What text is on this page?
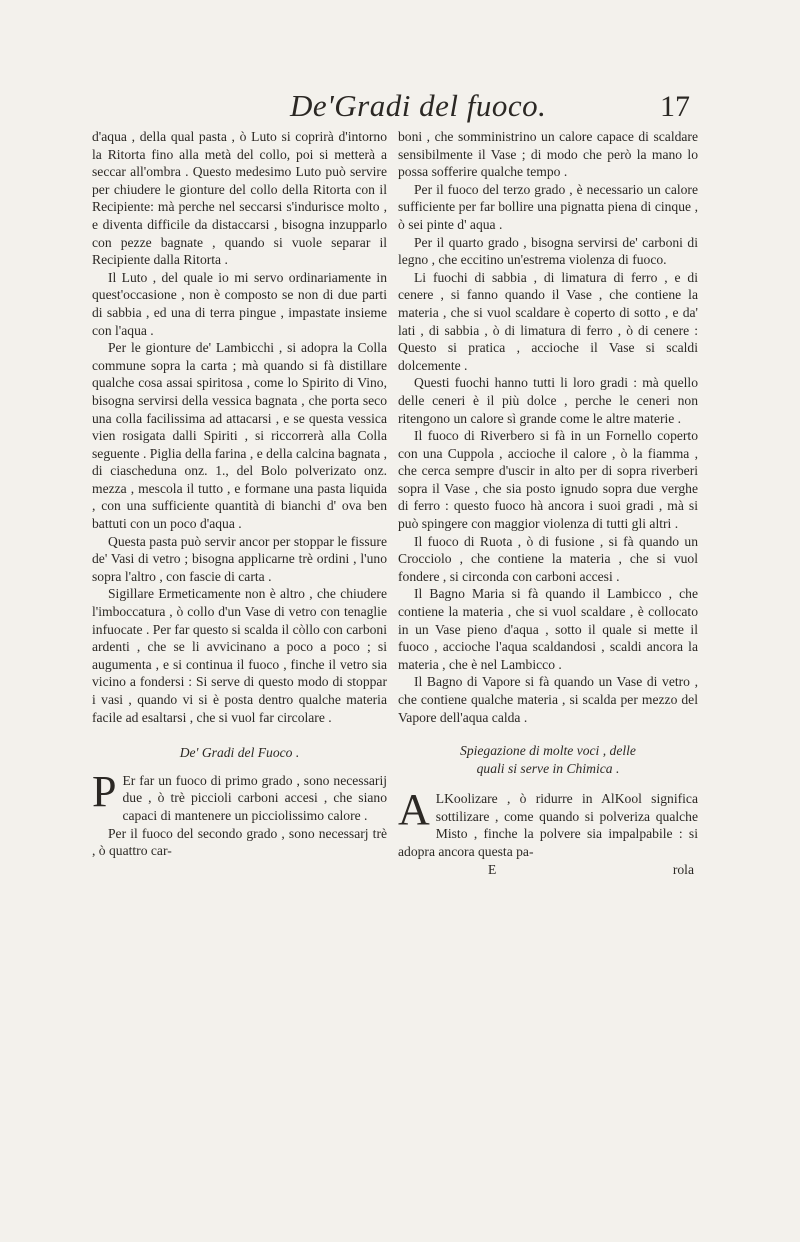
De'Gradi del fuoco.	17

d'aqua , della qual pasta , ò Luto si coprirà d'intorno la Ritorta fino alla metà del collo, poi si metterà a seccar all'ombra . Questo medesimo Luto può servire per chiudere le gionture del collo della Ritorta con il Recipiente: mà perche nel seccarsi s'indurisce molto , e diventa difficile da distaccarsi , bisogna inzupparlo con pezze bagnate , quando si vuole separar il Recipiente dalla Ritorta .

Il Luto , del quale io mi servo ordinariamente in quest'occasione , non è composto se non di due parti di sabbia , ed una di terra pingue , impastate insieme con l'aqua .

Per le gionture de' Lambicchi , si adopra la Colla commune sopra la carta ; mà quando si fà distillare qualche cosa assai spiritosa , come lo Spirito di Vino, bisogna servirsi della vessica bagnata , che porta seco una colla facilissima ad attacarsi , e se questa vessica vien rosigata dalli Spiriti , si riccorrerà alla Colla seguente . Piglia della farina , e della calcina bagnata , di ciascheduna onz. 1., del Bolo polverizato onz. mezza , mescola il tutto , e formane una pasta liquida , con una sufficiente quantità di bianchi d' ova ben battuti con un poco d'aqua .

Questa pasta può servir ancor per stoppar le fissure de' Vasi di vetro ; bisogna applicarne trè ordini , l'uno sopra l'altro , con fascie di carta .

Sigillare Ermeticamente non è altro , che chiudere l'imboccatura , ò collo d'un Vase di vetro con tenaglie infuocate . Per far questo si scalda il còllo con carboni ardenti , che se li avvicinano a poco a poco ; si augumenta , e si continua il fuoco , finche il vetro sia vicino a fondersi : Si serve di questo modo di stoppar i vasi , quando vi si è posta dentro qualche materia facile ad esaltarsi , che si vuol far circolare .

De' Gradi del Fuoco .

P Er far un fuoco di primo grado , sono necessarij due , ò trè piccioli carboni accesi , che siano capaci di mantenere un picciolissimo calore .

Per il fuoco del secondo grado , sono necessarj trè , ò quattro car-

boni , che somministrino un calore capace di scaldare sensibilmente il Vase ; di modo che però la mano lo possa sofferire qualche tempo .

Per il fuoco del terzo grado , è necessario un calore sufficiente per far bollire una pignatta piena di cinque , ò sei pinte d' aqua .

Per il quarto grado , bisogna servirsi de' carboni di legno , che eccitino un'estrema violenza di fuoco.

Li fuochi di sabbia , di limatura di ferro , e di cenere , si fanno quando il Vase , che contiene la materia , che si vuol scaldare è coperto di sotto , e da' lati , di sabbia , ò di limatura di ferro , ò di cenere : Questo si pratica , accioche il Vase si scaldi dolcemente .

Questi fuochi hanno tutti li loro gradi : mà quello delle ceneri è il più dolce , perche le ceneri non ritengono un calore sì grande come le altre materie .

Il fuoco di Riverbero si fà in un Fornello coperto con una Cuppola , accioche il calore , ò la fiamma , che cerca sempre d'uscir in alto per di sopra riverberi sopra il Vase , che sia posto ignudo sopra due verghe di ferro : questo fuoco hà ancora i suoi gradi , mà si può spingere con maggior violenza di tutti gli altri .

Il fuoco di Ruota , ò di fusione , si fà quando un Crocciolo , che contiene la materia , che si vuol fondere , si circonda con carboni accesi .

Il Bagno Maria si fà quando il Lambicco , che contiene la materia , che si vuol scaldare , è collocato in un Vase pieno d'aqua , sotto il quale si mette il fuoco , accioche l'aqua scaldandosi , scaldi ancora la materia , che è nel Lambicco .

Il Bagno di Vapore si fà quando un Vase di vetro , che contiene qualche materia , si scalda per mezzo del Vapore dell'aqua calda .

Spiegazione di molte voci , delle
quali si serve in Chimica .

A LKoolizare , ò ridurre in AlKool significa sottilizare , come quando si polveriza qualche Misto , finche la polvere sia impalpabile : si adopra ancora questa pa-

E	rola
